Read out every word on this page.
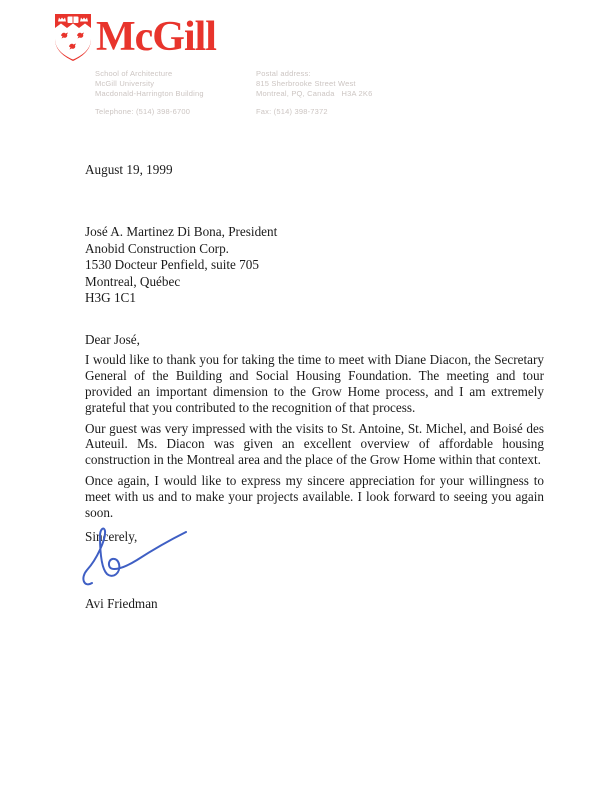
McGill
School of Architecture
McGill University
Macdonald-Harrington Building
Telephone: (514) 398-6700
Postal address:
815 Sherbrooke Street West
Montreal, PQ, Canada   H3A 2K6
Fax: (514) 398-7372
August 19, 1999
José A. Martinez Di Bona, President
Anobid Construction Corp.
1530 Docteur Penfield, suite 705
Montreal, Québec
H3G 1C1

Dear José,

I would like to thank you for taking the time to meet with Diane Diacon, the Secretary General of the Building and Social Housing Foundation. The meeting and tour provided an important dimension to the Grow Home process, and I am extremely grateful that you contributed to the recognition of that process.

Our guest was very impressed with the visits to St. Antoine, St. Michel, and Boisé des Auteuil. Ms. Diacon was given an excellent overview of affordable housing construction in the Montreal area and the place of the Grow Home within that context.

Once again, I would like to express my sincere appreciation for your willingness to meet with us and to make your projects available. I look forward to seeing you again soon.

Sincerely,

Avi Friedman
